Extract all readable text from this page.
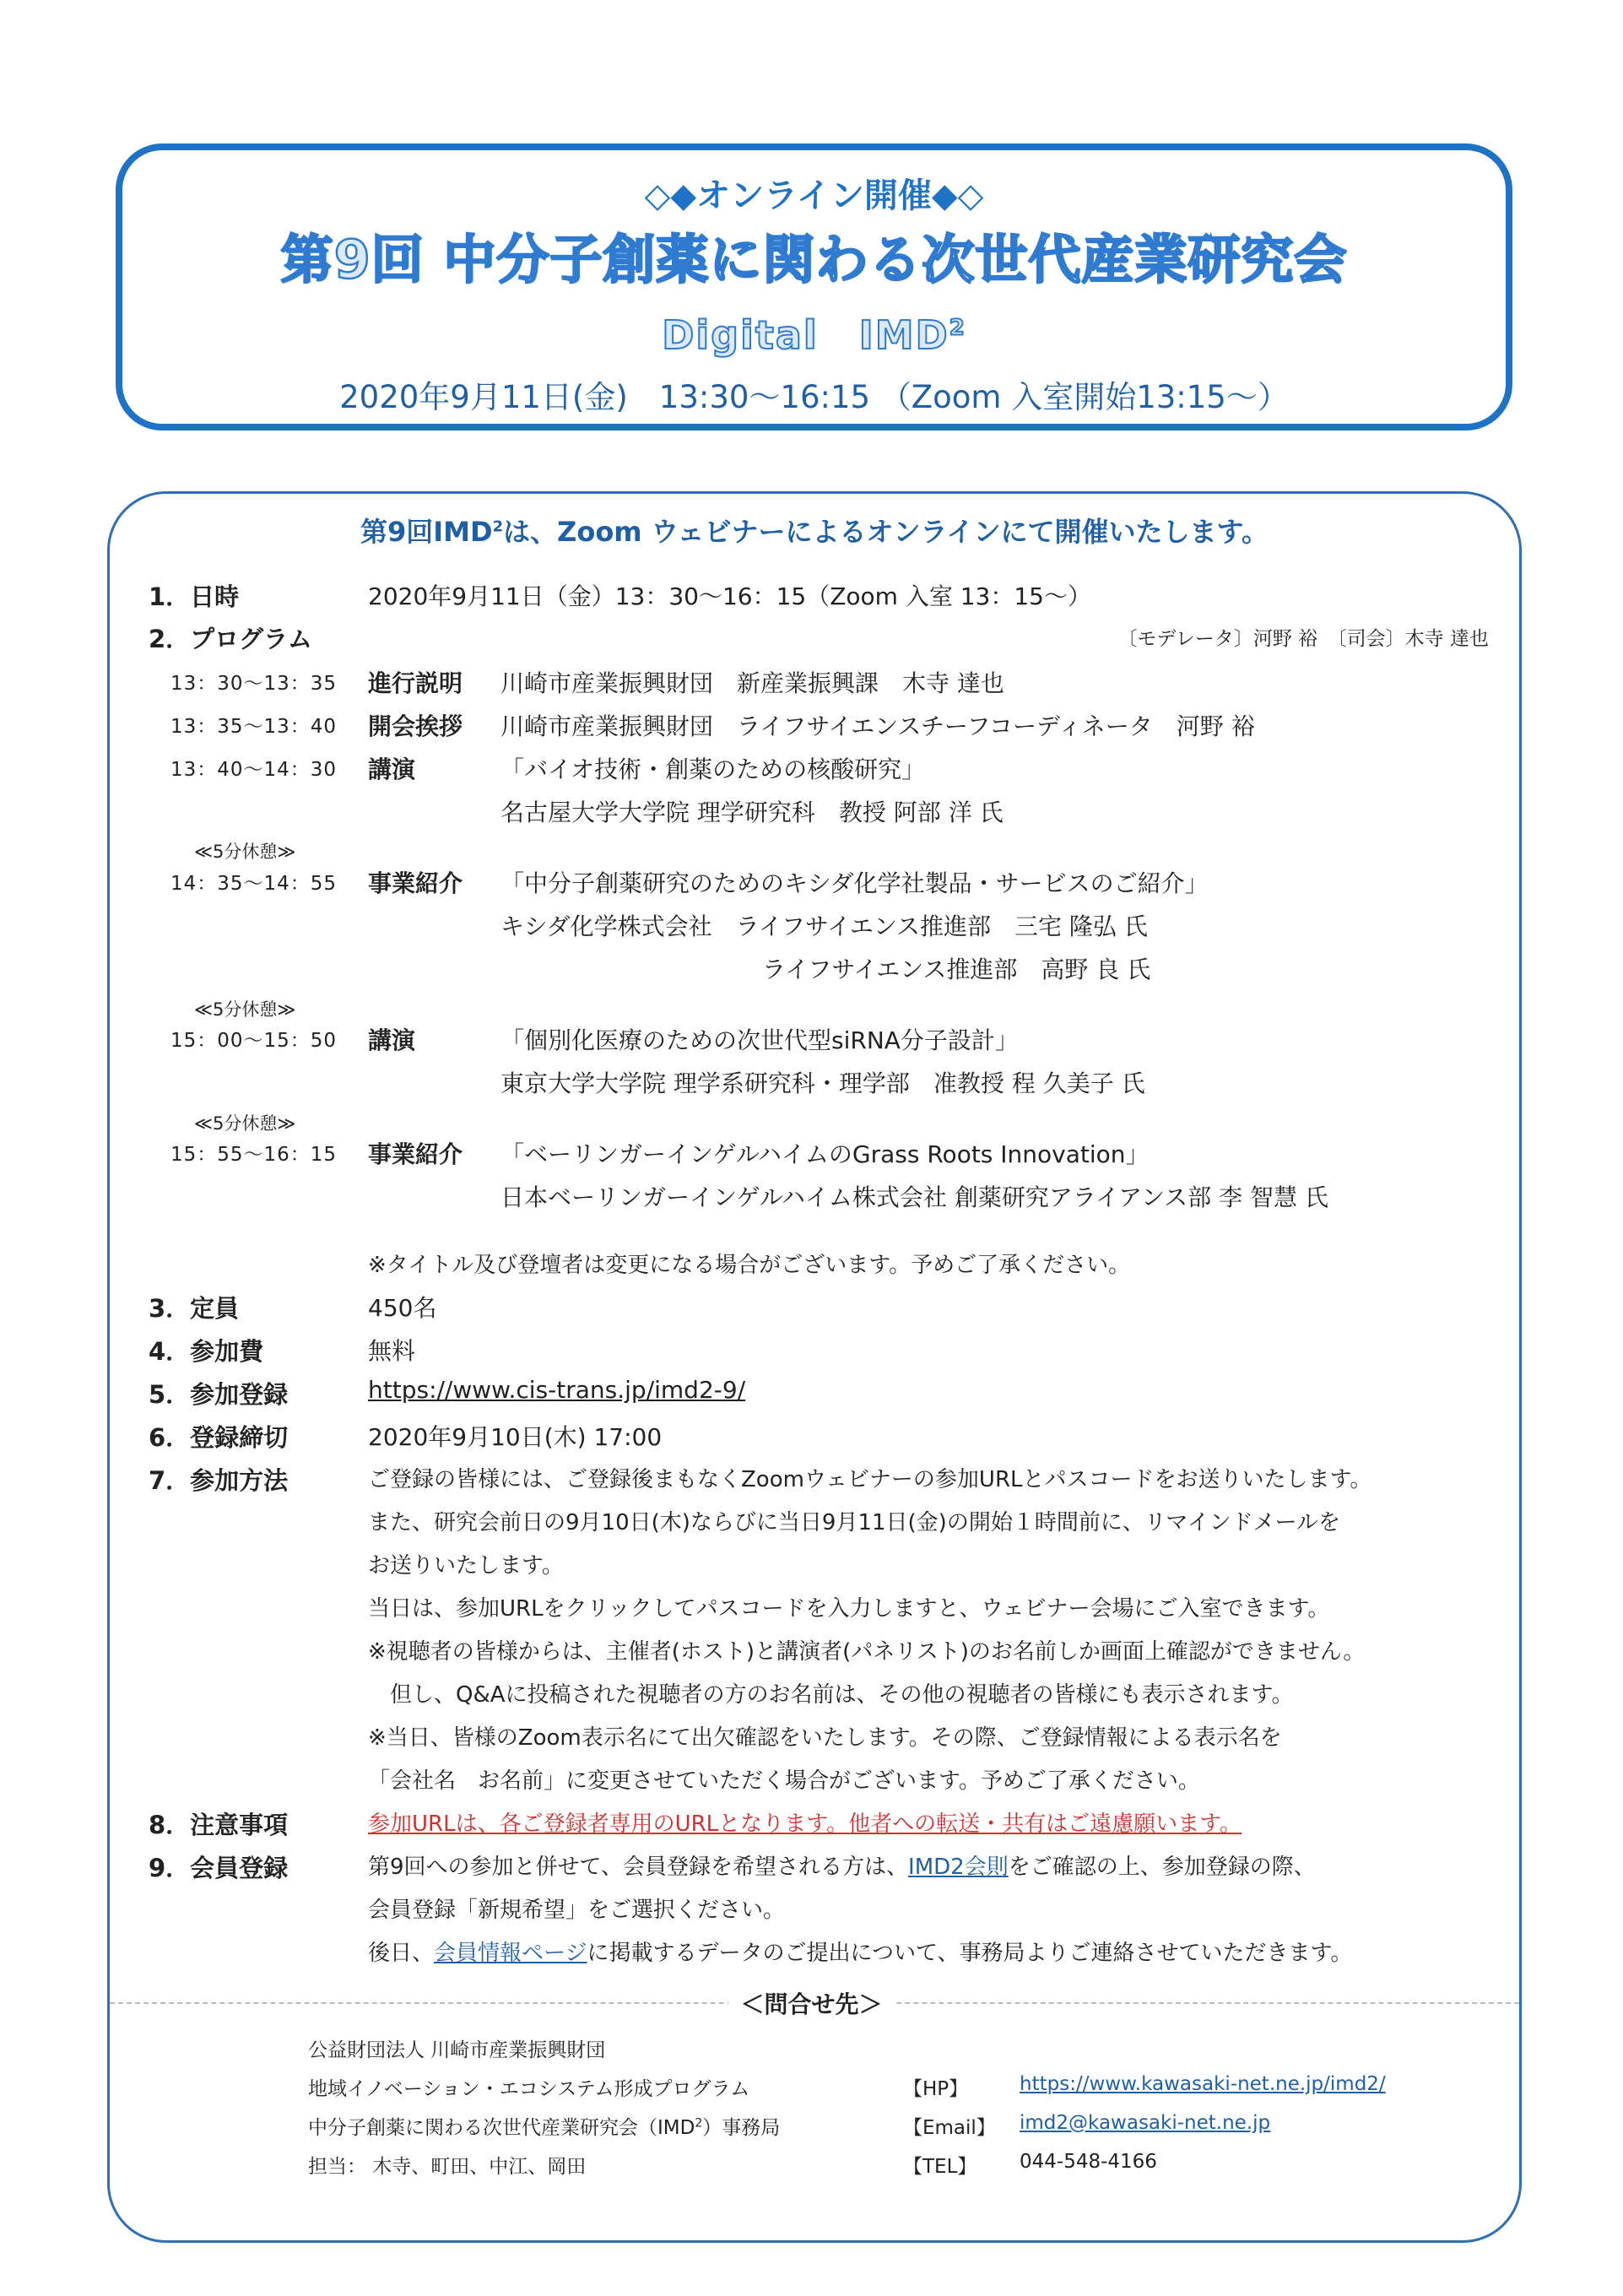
◇◆オンライン開催◆◇
第9回 中分子創薬に関わる次世代産業研究会
Digital　IMD$^2$
2020年9月11日(金)　13:30～16:15 （Zoom 入室開始13:15～）
第9回IMD$^2$は、Zoom ウェビナーによるオンラインにて開催いたします。
1．日時	2020年9月11日（金）13：30～16：15（Zoom 入室 13：15～）
2．プログラム	〔モデレータ〕河野 裕　〔司会〕木寺 達也
13：30～13：35 進行説明 川崎市産業振興財団　新産業振興課　木寺 達也
13：35～13：40 開会挨拶 川崎市産業振興財団　ライフサイエンスチーフコーディネータ　河野 裕
13：40～14：30 講演	「バイオ技術・創薬のための核酸研究」
名古屋大学大学院 理学研究科　教授 阿部 洋 氏
≪5分休憩≫
14：35～14：55 事業紹介 「中分子創薬研究のためのキシダ化学社製品・サービスのご紹介」
キシダ化学株式会社　ライフサイエンス推進部　三宅 隆弘 氏
ライフサイエンス推進部　高野 良 氏
≪5分休憩≫
15：00～15：50 講演	「個別化医療のための次世代型siRNA分子設計」
東京大学大学院 理学系研究科・理学部　准教授 程 久美子 氏
≪5分休憩≫
15：55～16：15 事業紹介 「ベーリンガーインゲルハイムのGrass Roots Innovation」
日本ベーリンガーインゲルハイム株式会社 創薬研究アライアンス部 李 智慧 氏
※タイトル及び登壇者は変更になる場合がございます。予めご了承ください。
3．定員	450名
4．参加費	無料
5．参加登録	https://www.cis-trans.jp/imd2-9/
6．登録締切	2020年9月10日(木) 17:00
7．参加方法	ご登録の皆様には、ご登録後まもなくZoomウェビナーの参加URLとパスコードをお送りいたします。
また、研究会前日の9月10日(木)ならびに当日9月11日(金)の開始１時間前に、リマインドメールを
お送りいたします。
当日は、参加URLをクリックしてパスコードを入力しますと、ウェビナー会場にご入室できます。
※視聴者の皆様からは、主催者(ホスト)と講演者(パネリスト)のお名前しか画面上確認ができません。
　但し、Q&Aに投稿された視聴者の方のお名前は、その他の視聴者の皆様にも表示されます。
※当日、皆様のZoom表示名にて出欠確認をいたします。その際、ご登録情報による表示名を
「会社名　お名前」に変更させていただく場合がございます。予めご了承ください。
8．注意事項	参加URLは、各ご登録者専用のURLとなります。他者への転送・共有はご遠慮願います。
9．会員登録	第9回への参加と併せて、会員登録を希望される方は、IMD2会則をご確認の上、参加登録の際、
会員登録「新規希望」をご選択ください。
後日、会員情報ページに掲載するデータのご提出について、事務局よりご連絡させていただきます。
＜問合せ先＞
公益財団法人 川崎市産業振興財団
地域イノベーション・エコシステム形成プログラム
中分子創薬に関わる次世代産業研究会（IMD$^2$）事務局
担当： 木寺、町田、中江、岡田
【HP】	https://www.kawasaki-net.ne.jp/imd2/
【Email】 imd2@kawasaki-net.ne.jp
【TEL】 044-548-4166
